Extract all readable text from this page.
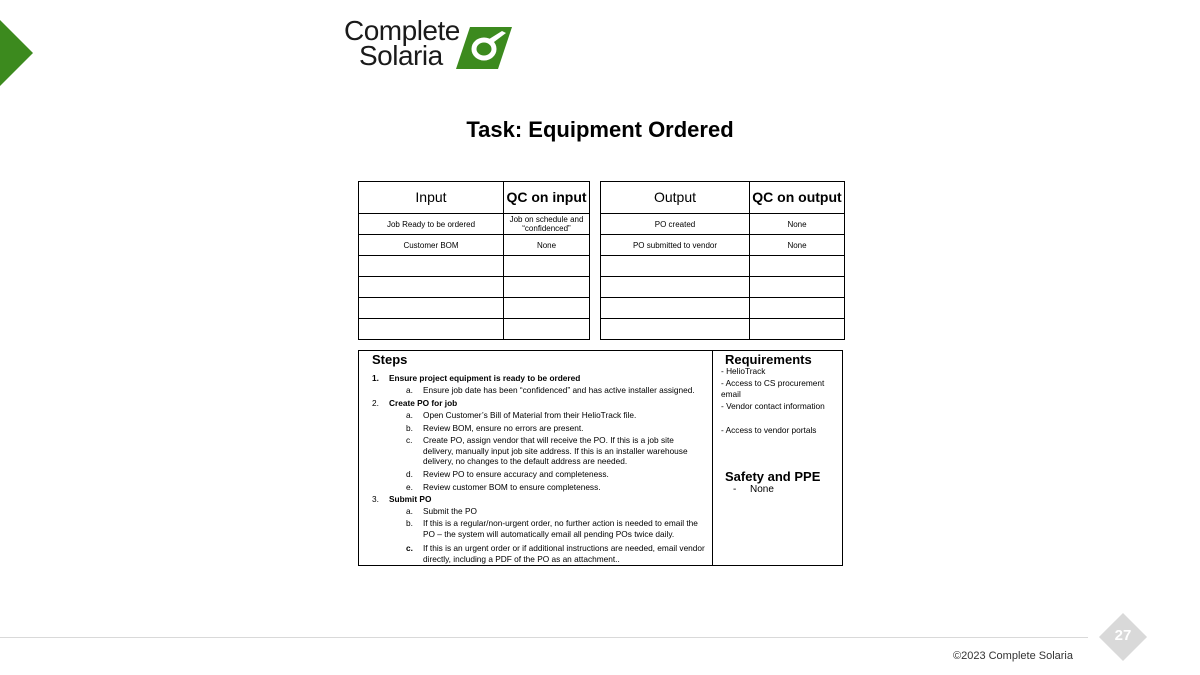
Complete
Solaria
Task: Equipment Ordered
Input	QC on input
Job Ready to be ordered	Job on schedule and “confidenced”
Customer BOM	None

Output	QC on output
PO created	None
PO submitted to vendor	None

Steps
1. Ensure project equipment is ready to be ordered
a. Ensure job date has been “confidenced” and has active installer assigned.
2. Create PO for job
a. Open Customer’s Bill of Material from their HelioTrack file.
b. Review BOM, ensure no errors are present.
c. Create PO, assign vendor that will receive the PO. If this is a job site delivery, manually input job site address. If this is an installer warehouse delivery, no changes to the default address are needed.
d. Review PO to ensure accuracy and completeness.
e. Review customer BOM to ensure completeness.
3. Submit PO
a. Submit the PO
b. If this is a regular/non-urgent order, no further action is needed to email the PO – the system will automatically email all pending POs twice daily.
c. If this is an urgent order or if additional instructions are needed, email vendor directly, including a PDF of the PO as an attachment..
Requirements
- HelioTrack
- Access to CS procurement email
- Vendor contact information
- Access to vendor portals
Safety and PPE
- None
27
©2023 Complete Solaria
